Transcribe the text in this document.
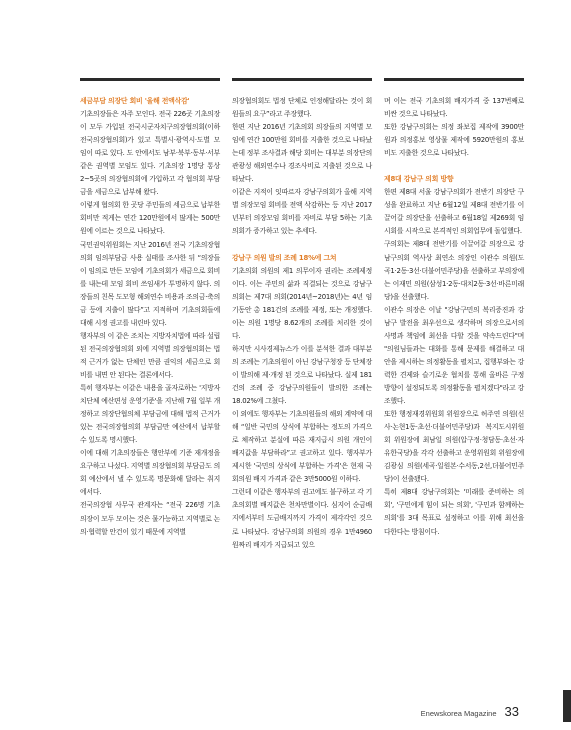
세금부담 의장단 회비 '울해 전액삭감'

기초의장들은 자주 모인다. 전국 226곳 기초의장이 모두 가입된 전국시군자치구의장협의회(이하 전국의장협의회)가 있고 특별시·광역시·도별 모임이 따로 있다. 도 안에서도 남부·북부·동부·서부 같은 권역별 모임도 있다. 기초의장 1명당 통상 2~5곳의 의장협의회에 가입하고 각 협의회 부담금을 세금으로 납부해 왔다.

이렇게 협의회 한 곳당 주민들의 세금으로 납부한 회비만 적게는 연간 120만원에서 많게는 500만원에 이르는 것으로 나타났다.

국민권익위원회는 지난 2016년 전국 기초의장협의회 임의부담금 사용 실태를 조사한 뒤 “의장들이 임의로 만든 모임에 기초의회가 세금으로 회비를 내는데 모임 회비 쓰임새가 투명하지 않다. 의장들의 친목 도모형 해외연수 비용과 조의금·축의금 등에 지출이 많다”고 지적하며 기초의회들에 대해 시정 권고를 내린바 있다.

행자부의 이 같은 조치는 지방자치법에 따라 설립된 전국의장협의회 외에 지역별 의장협의회는 법적 근거가 없는 단체인 만큼 권익의 세금으로 회비를 내면 안 된다는 결론에서다.

특히 행자부는 이같은 내용을 골자로하는 '지방자치단체 예산편성 운영기준'을 지난해 7월 일부 개정하고 의장단협의체 부담금에 대해 법적 근거가 있는 전국의장협의회 부담금만 예산에서 납부할 수 있도록 명시했다.

이에 대해 기초의장들은 행안부에 기준 재개정을 요구하고 나섰다. 지역별 의장협의회 부담금도 의회 예산에서 낼 수 있도록 명문화해 달라는 취지에서다.

전국의장협 사무국 관계자는 “전국 226명 기초의장이 모두 모이는 것은 물가능하고 지역별로 논의·협력할 안건이 있기 때문에 지역별

의장협의회도 법정 단체로 인정해달라는 것이 회원들의 요구”라고 주장했다.

한편 지난 2016년 기초의회 의장들의 지역별 모임에 연간 100만원 회비를 지출한 것으로 나타났는데 정부 조사결과 해당 회비는 대부분 의장단의 관광성 해외연수나 경조사비로 지출된 것으로 나타났다.

이같은 지적이 잇따르자 강남구의회가 올해 지역별 의장모임 회비를 전액 삭감하는 등 지난 2017년부터 의장모임 회비를 자비로 부담 5하는 기초의회가 증가하고 있는 추세다.

강남구 의원 발의 조례 18%에 그쳐

기초의회 의원의 제1 의무이자 권리는 조례제정이다. 이는 주민의 삶과 직결되는 것으로 강남구 의회는 제7대 의회(2014년~2018년)는 4년 임기동안 총 181건의 조례를 제정, 또는 개정했다. 이는 의원 1명당 8.62개의 조례를 처리한 것이다.

하지만 시사경제뉴스가 이를 분석한 결과 대부분의 조례는 기초의원이 아닌 강남구청장 등 단체장이 발의해 제·개정 된 것으로 나타났다. 실제 181건의 조례 중 강남구의원들이 발의한 조례는 18.02%에 그쳤다.

이 외에도 행자부는 기초의원들의 해외 계약에 대해 “일반 국민의 상식에 부합하는 정도의 가격으로 체작하고 분실에 따른 재지급시 의원 개인이 배지값을 부담하라”고 권고하고 있다. 행자부가 제시한 '국민의 상식에 부합하는 가격'은 현재 국회의원 배지 가격과 같은 3만5000원 이하다.

그런데 이같은 행자부의 권고에도 불구하고 각 기초의회별 배지값은 천차만별이다. 심지어 순금배지에서부터 도금배지까지 가격이 제각각인 것으로 나타났다. 강남구의회 의원의 경우 1만4960원짜리 배지가 지급되고 있으

며 이는 전국 기초의회 배지가격 중 137번째로 비싼 것으로 나타났다.

또한 강남구의회는 의정 좌보집 제작에 3900만원과 의정홍보 영상물 제작에 5920만원의 홍보비도 지출한 것으로 나타났다.

제8대 강남구 의회 방향

한편 제8대 서울 강남구의회가 전반기 의장단 구성을 완료하고 지난 6월12일 제8대 전반기를 이끌어갈 의장단을 선출하고 6월18일 제269회 임시회를 시작으로 본격적인 의회업무에 돌입했다.

구의회는 제8대 전반기를 이끌어갈 의장으로 강남구의회 역사상 최연소 의장인 이관수 의원(도곡1·2동·3선·더불어민주당)을 선출하고 부의장에는 이재민 의원(삼성1·2동·대치2동·3선·바른미래당)을 선출했다.

이관수 의장은 이날 "강남구민의 복리증진과 강남구 발전을 최우선으로 생각하며 의장으로서의 사명과 책임에 최선을 다할 것을 약속드린다"며 "의원님들과는 대화를 통해 문제를 해결하고 대안을 제시하는 의정활동을 펼치고, 집행부와는 강력한 견제와 슬기로운 협치를 통해 올바른 구정 방향이 설정되도록 의정활동을 펼치겠다"라고 강조했다.

또한 행정재경위원회 위원장으로 허주연 의원(신사·논현1동·초선·더불어민주당)과 복지도시위원회 위원장에 최남일 의원(압구정·청담동·초선·자유한국당)을 각각 선출하고 운영위원회 위원장에 김광심 의원(세곡·일원본·수서동,2선,더불어민주당)이 선출됐다.

특히 제8대 강남구의회는 '미래를 준비하는 의회', '구민에게 힘이 되는 의회', '구민과 함께하는 의회'를 3대 목표로 설정하고 이를 위해 최선을 다한다는 방침이다.

Enewskorea Magazine 33
